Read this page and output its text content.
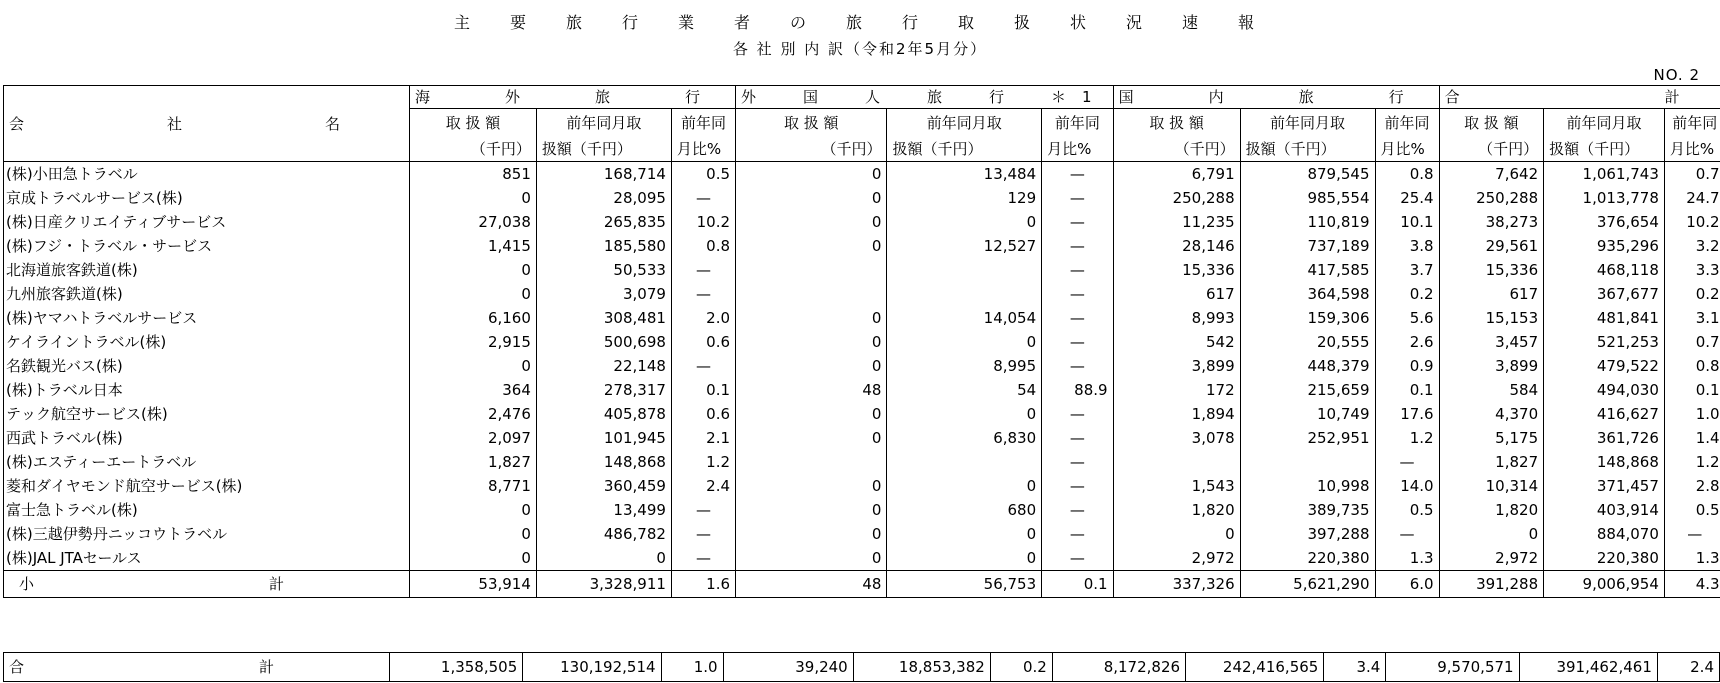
主　要　旅　行　業　者　の　旅　行　取　扱　状　況　速　報
各 社 別 内 訳（令和2年5月分）
NO. 2
会　社　名	海　外　旅　行			外　国　人　旅　行　＊1			国　内　旅　行			合　　　計		
	取 扱 額	前年同月取	前年同	取 扱 額	前年同月取	前年同	取 扱 額	前年同月取	前年同	取 扱 額	前年同月取	前年同
	（千円）	扱額（千円）	月比%	（千円）	扱額（千円）	月比%	（千円）	扱額（千円）	月比%	（千円）	扱額（千円）	月比%
(株)小田急トラベル	851	168,714	0.5	0	13,484	—	6,791	879,545	0.8	7,642	1,061,743	0.7
京成トラベルサービス(株)	0	28,095	—	0	129	—	250,288	985,554	25.4	250,288	1,013,778	24.7
(株)日産クリエイティブサービス	27,038	265,835	10.2	0	0	—	11,235	110,819	10.1	38,273	376,654	10.2
(株)フジ・トラベル・サービス	1,415	185,580	0.8	0	12,527	—	28,146	737,189	3.8	29,561	935,296	3.2
北海道旅客鉄道(株)	0	50,533	—			—	15,336	417,585	3.7	15,336	468,118	3.3
九州旅客鉄道(株)	0	3,079	—			—	617	364,598	0.2	617	367,677	0.2
(株)ヤマハトラベルサービス	6,160	308,481	2.0	0	14,054	—	8,993	159,306	5.6	15,153	481,841	3.1
ケイライントラベル(株)	2,915	500,698	0.6	0	0	—	542	20,555	2.6	3,457	521,253	0.7
名鉄観光バス(株)	0	22,148	—	0	8,995	—	3,899	448,379	0.9	3,899	479,522	0.8
(株)トラベル日本	364	278,317	0.1	48	54	88.9	172	215,659	0.1	584	494,030	0.1
テック航空サービス(株)	2,476	405,878	0.6	0	0	—	1,894	10,749	17.6	4,370	416,627	1.0
西武トラベル(株)	2,097	101,945	2.1	0	6,830	—	3,078	252,951	1.2	5,175	361,726	1.4
(株)エスティーエートラベル	1,827	148,868	1.2			—			—	1,827	148,868	1.2
菱和ダイヤモンド航空サービス(株)	8,771	360,459	2.4	0	0	—	1,543	10,998	14.0	10,314	371,457	2.8
富士急トラベル(株)	0	13,499	—	0	680	—	1,820	389,735	0.5	1,820	403,914	0.5
(株)三越伊勢丹ニッコウトラベル	0	486,782	—	0	0	—	0	397,288	—	0	884,070	—
(株)JAL JTAセールス	0	0	—	0	0	—	2,972	220,380	1.3	2,972	220,380	1.3
小　計	53,914	3,328,911	1.6	48	56,753	0.1	337,326	5,621,290	6.0	391,288	9,006,954	4.3
合　計	1,358,505	130,192,514	1.0	39,240	18,853,382	0.2	8,172,826	242,416,565	3.4	9,570,571	391,462,461	2.4
